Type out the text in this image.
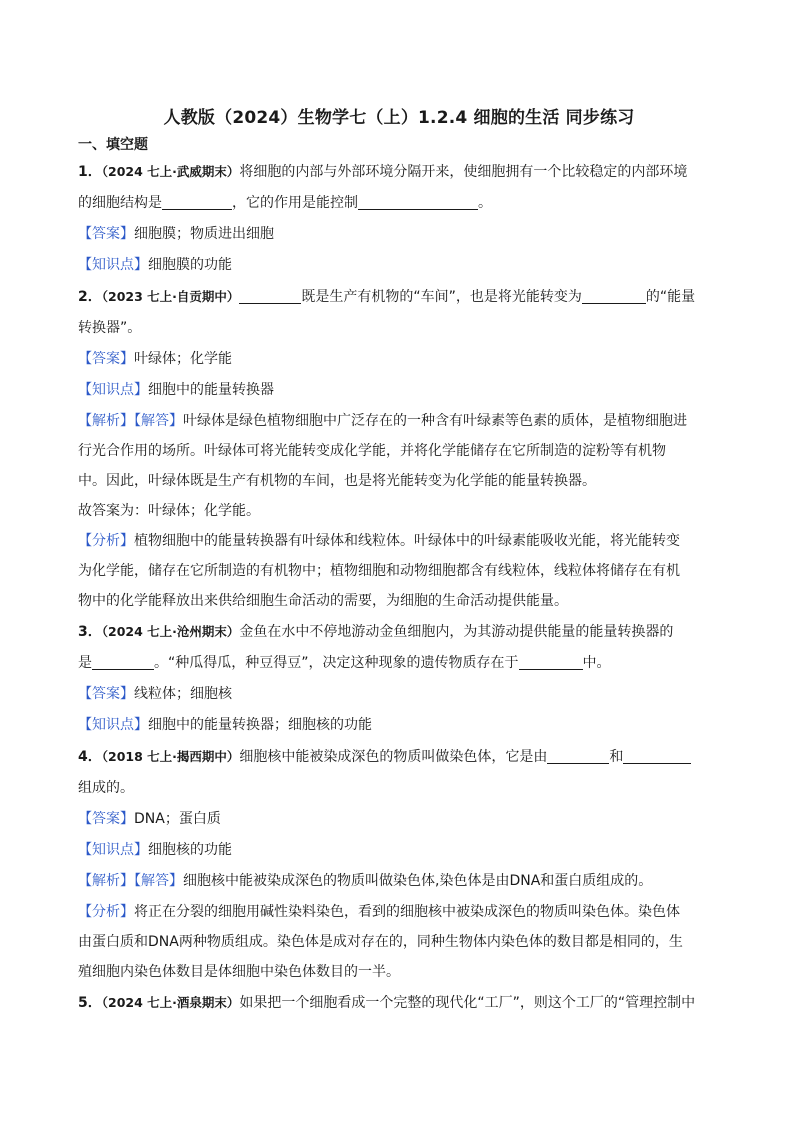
人教版（2024）生物学七（上）1.2.4 细胞的生活 同步练习
一、填空题
1．（2024 七上·武威期末）将细胞的内部与外部环境分隔开来，使细胞拥有一个比较稳定的内部环境
的细胞结构是	，它的作用是能控制	。
【答案】细胞膜；物质进出细胞
【知识点】细胞膜的功能
2．（2023 七上·自贡期中）	既是生产有机物的“车间”，也是将光能转变为	的“能量
转换器”。
【答案】叶绿体；化学能
【知识点】细胞中的能量转换器
【解析】【解答】叶绿体是绿色植物细胞中广泛存在的一种含有叶绿素等色素的质体，是植物细胞进
行光合作用的场所。叶绿体可将光能转变成化学能，并将化学能储存在它所制造的淀粉等有机物
中。因此，叶绿体既是生产有机物的车间，也是将光能转变为化学能的能量转换器。
故答案为：叶绿体；化学能。
【分析】植物细胞中的能量转换器有叶绿体和线粒体。叶绿体中的叶绿素能吸收光能，将光能转变
为化学能，储存在它所制造的有机物中；植物细胞和动物细胞都含有线粒体，线粒体将储存在有机
物中的化学能释放出来供给细胞生命活动的需要，为细胞的生命活动提供能量。
3．（2024 七上·沧州期末）金鱼在水中不停地游动金鱼细胞内，为其游动提供能量的能量转换器的
是	。“种瓜得瓜，种豆得豆”，决定这种现象的遗传物质存在于	中。
【答案】线粒体；细胞核
【知识点】细胞中的能量转换器；细胞核的功能
4．（2018 七上·揭西期中）细胞核中能被染成深色的物质叫做染色体，它是由	和
组成的。
【答案】DNA；蛋白质
【知识点】细胞核的功能
【解析】【解答】细胞核中能被染成深色的物质叫做染色体,染色体是由DNA和蛋白质组成的。
【分析】将正在分裂的细胞用碱性染料染色，看到的细胞核中被染成深色的物质叫染色体。染色体
由蛋白质和DNA两种物质组成。染色体是成对存在的，同种生物体内染色体的数目都是相同的，生
殖细胞内染色体数目是体细胞中染色体数目的一半。
5．（2024 七上·酒泉期末）如果把一个细胞看成一个完整的现代化“工厂”，则这个工厂的“管理控制中
